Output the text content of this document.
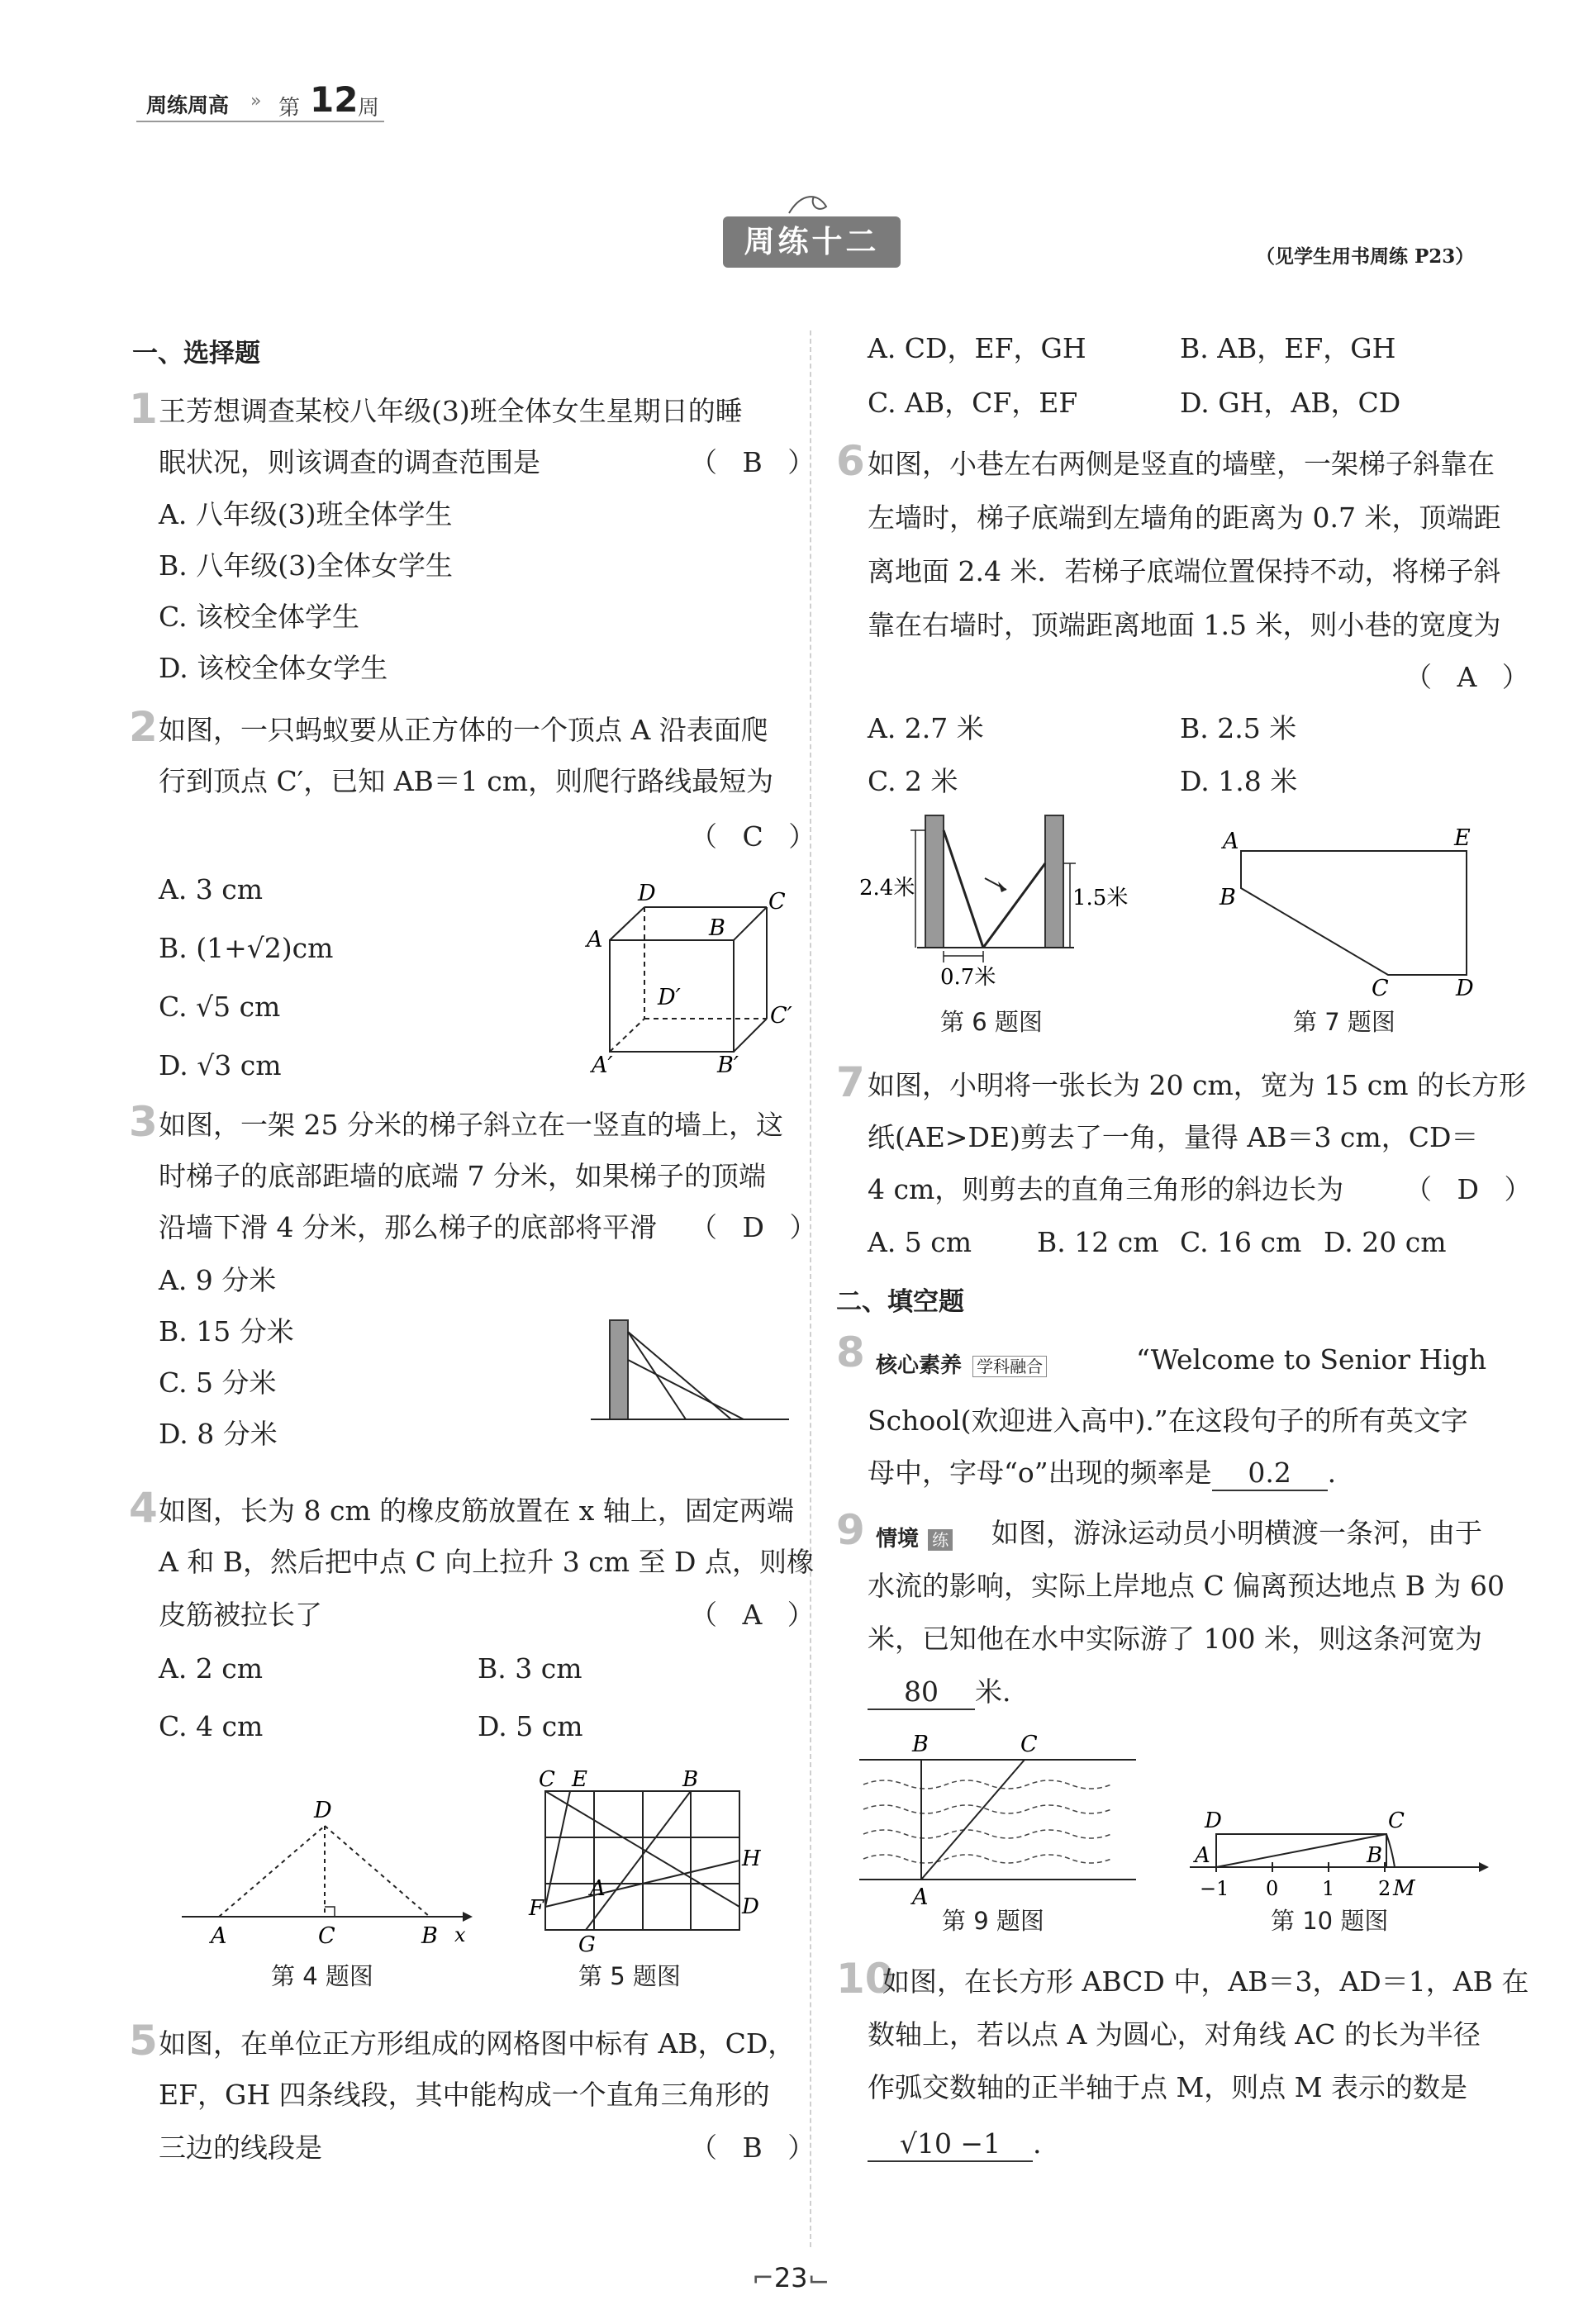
周练周高 » 第 12 周
周练十二	（见学生用书周练 P23）
一、选择题
1 王芳想调查某校八年级(3)班全体女生星期日的睡
眠状况，则该调查的调查范围是	（ B ）
A. 八年级(3)班全体学生
B. 八年级(3)全体女学生
C. 该校全体学生
D. 该校全体女学生
2 如图，一只蚂蚁要从正方体的一个顶点 A 沿表面爬
行到顶点 C′，已知 AB＝1 cm，则爬行路线最短为
（ C ）
A. 3 cm
B. (1+√2)cm
C. √5 cm
D. √3 cm
D	C
A	B
D′
C′
A′	B′
3 如图，一架 25 分米的梯子斜立在一竖直的墙上，这
时梯子的底部距墙的底端 7 分米，如果梯子的顶端
沿墙下滑 4 分米，那么梯子的底部将平滑 （ D ）
A. 9 分米
B. 15 分米
C. 5 分米
D. 8 分米
4 如图，长为 8 cm 的橡皮筋放置在 x 轴上，固定两端
A 和 B，然后把中点 C 向上拉升 3 cm 至 D 点，则橡
皮筋被拉长了	（ A ）
A. 2 cm	B. 3 cm
C. 4 cm	D. 5 cm
D
A	C	B x
第 4 题图
C E	B
H
F	D
A
G
第 5 题图
5 如图，在单位正方形组成的网格图中标有 AB，CD，
EF，GH 四条线段，其中能构成一个直角三角形的
三边的线段是	（ B ）
A. CD，EF，GH	B. AB，EF，GH
C. AB，CF，EF	D. GH，AB，CD
6 如图，小巷左右两侧是竖直的墙壁，一架梯子斜靠在
左墙时，梯子底端到左墙角的距离为 0.7 米，顶端距
离地面 2.4 米．若梯子底端位置保持不动，将梯子斜
靠在右墙时，顶端距离地面 1.5 米，则小巷的宽度为
（ A ）
A. 2.7 米	B. 2.5 米
C. 2 米	D. 1.8 米
2.4米	1.5米
0.7米
第 6 题图
A	E
B
C	D
第 7 题图
7 如图，小明将一张长为 20 cm，宽为 15 cm 的长方形
纸(AE>DE)剪去了一角，量得 AB＝3 cm，CD＝
4 cm，则剪去的直角三角形的斜边长为 （ D ）
A. 5 cm B. 12 cm C. 16 cm D. 20 cm
二、填空题
8 核心素养 学科融合	“Welcome to Senior High
School(欢迎进入高中).”在这段句子的所有英文字
母中，字母“o”出现的频率是 0.2 .
9 情境 练 如图，游泳运动员小明横渡一条河，由于
水流的影响，实际上岸地点 C 偏离预达地点 B 为 60
米，已知他在水中实际游了 100 米，则这条河宽为
80 米.
B	C
A
第 9 题图
D	C
A	B
−1 0 1 2 M
第 10 题图
10
如图，在长方形 ABCD 中，AB＝3，AD＝1，AB 在
数轴上，若以点 A 为圆心，对角线 AC 的长为半径
作弧交数轴的正半轴于点 M，则点 M 表示的数是
√10 −1 .
⌐23⌙
